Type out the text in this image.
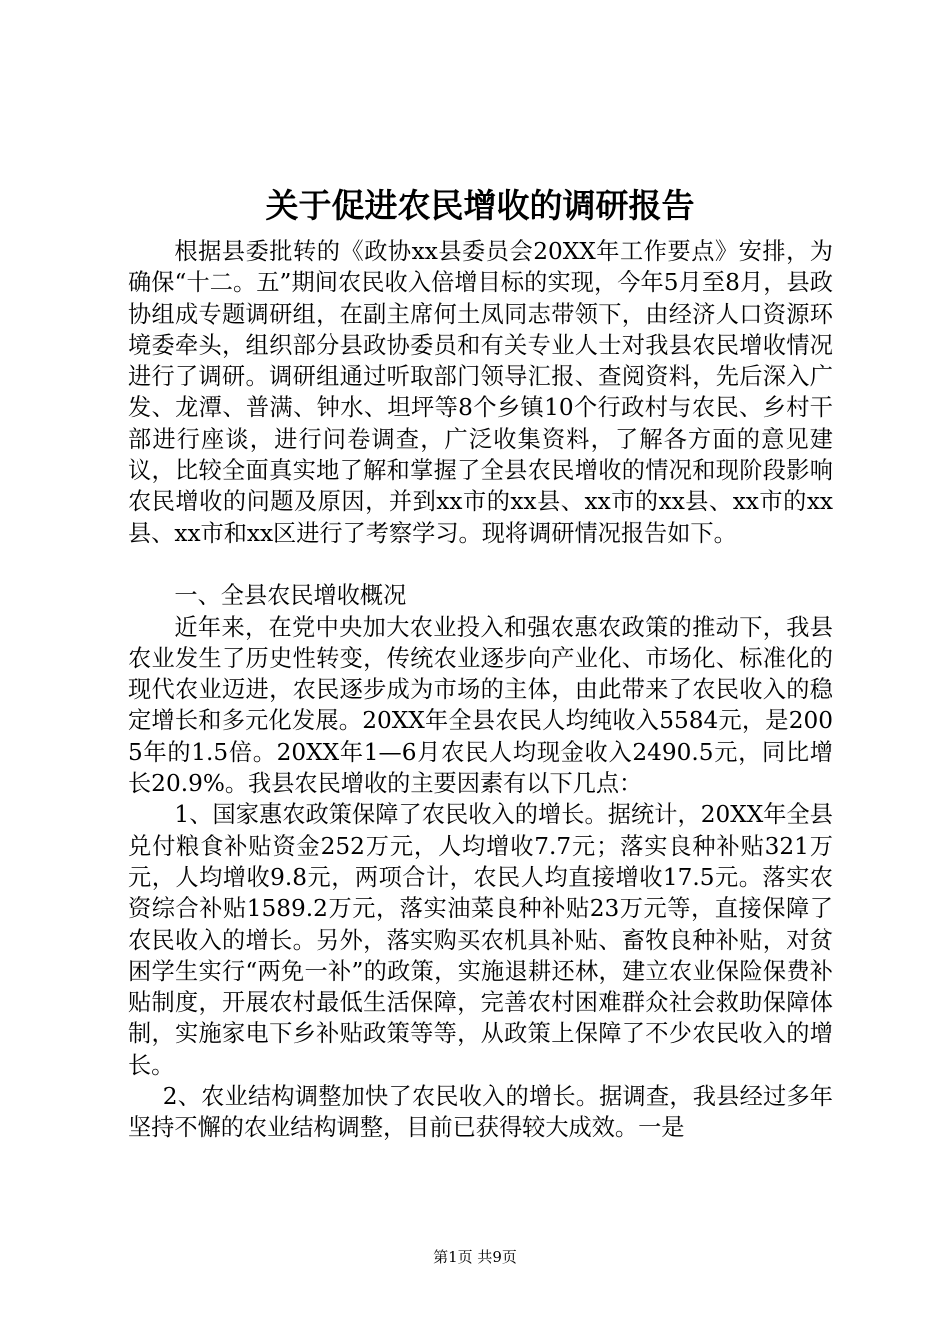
关于促进农民增收的调研报告

根据县委批转的《政协xx县委员会20XX年工作要点》安排，为确保“十二。五”期间农民收入倍增目标的实现，今年5月至8月，县政协组成专题调研组，在副主席何土凤同志带领下，由经济人口资源环境委牵头，组织部分县政协委员和有关专业人士对我县农民增收情况进行了调研。调研组通过听取部门领导汇报、查阅资料，先后深入广发、龙潭、普满、钟水、坦坪等8个乡镇10个行政村与农民、乡村干部进行座谈，进行问卷调查，广泛收集资料，了解各方面的意见建议，比较全面真实地了解和掌握了全县农民增收的情况和现阶段影响农民增收的问题及原因，并到xx市的xx县、xx市的xx县、xx市的xx县、xx市和xx区进行了考察学习。现将调研情况报告如下。

一、全县农民增收概况

近年来，在党中央加大农业投入和强农惠农政策的推动下，我县农业发生了历史性转变，传统农业逐步向产业化、市场化、标准化的现代农业迈进，农民逐步成为市场的主体，由此带来了农民收入的稳定增长和多元化发展。20XX年全县农民人均纯收入5584元，是2005年的1.5倍。20XX年1—6月农民人均现金收入2490.5元，同比增长20.9%。我县农民增收的主要因素有以下几点：

1、国家惠农政策保障了农民收入的增长。据统计，20XX年全县兑付粮食补贴资金252万元，人均增收7.7元；落实良种补贴321万元，人均增收9.8元，两项合计，农民人均直接增收17.5元。落实农资综合补贴1589.2万元，落实油菜良种补贴23万元等，直接保障了农民收入的增长。另外，落实购买农机具补贴、畜牧良种补贴，对贫困学生实行“两免一补”的政策，实施退耕还林，建立农业保险保费补贴制度，开展农村最低生活保障，完善农村困难群众社会救助保障体制，实施家电下乡补贴政策等等，从政策上保障了不少农民收入的增长。

2、农业结构调整加快了农民收入的增长。据调查，我县经过多年坚持不懈的农业结构调整，目前已获得较大成效。一是

第1页 共9页
